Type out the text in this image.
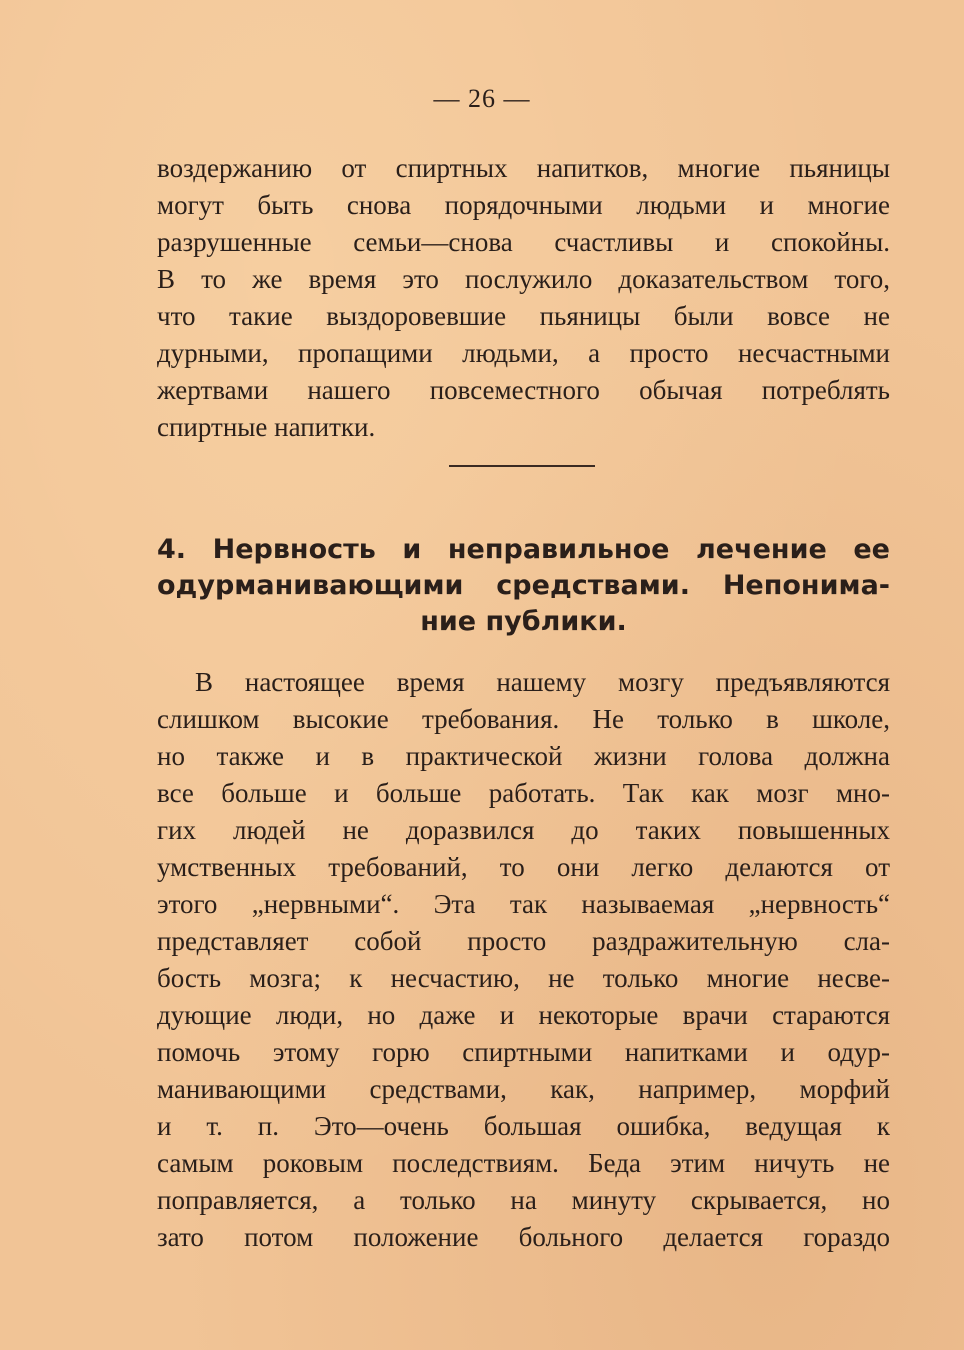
— 26 —
воздержанию от спиртных напитков, многие пьяницы
могут быть снова порядочными людьми и многие
разрушенные семьи—снова счастливы и спокойны.
В то же время это послужило доказательством того,
что такие выздоровевшие пьяницы были вовсе не
дурными, пропащими людьми, а просто несчастными
жертвами нашего повсеместного обычая потреблять
спиртные напитки.
4. Нервность и неправильное лечение ее
одурманивающими средствами. Непонима-
ние публики.
В настоящее время нашему мозгу предъявляются
слишком высокие требования. Не только в школе,
но также и в практической жизни голова должна
все больше и больше работать. Так как мозг мно-
гих людей не доразвился до таких повышенных
умственных требований, то они легко делаются от
этого „нервными“. Эта так называемая „нервность“
представляет собой просто раздражительную сла-
бость мозга; к несчастию, не только многие несве-
дующие люди, но даже и некоторые врачи стараются
помочь этому горю спиртными напитками и одур-
манивающими средствами, как, например, морфий
и т. п. Это—очень большая ошибка, ведущая к
самым роковым последствиям. Беда этим ничуть не
поправляется, а только на минуту скрывается, но
зато потом положение больного делается гораздо
